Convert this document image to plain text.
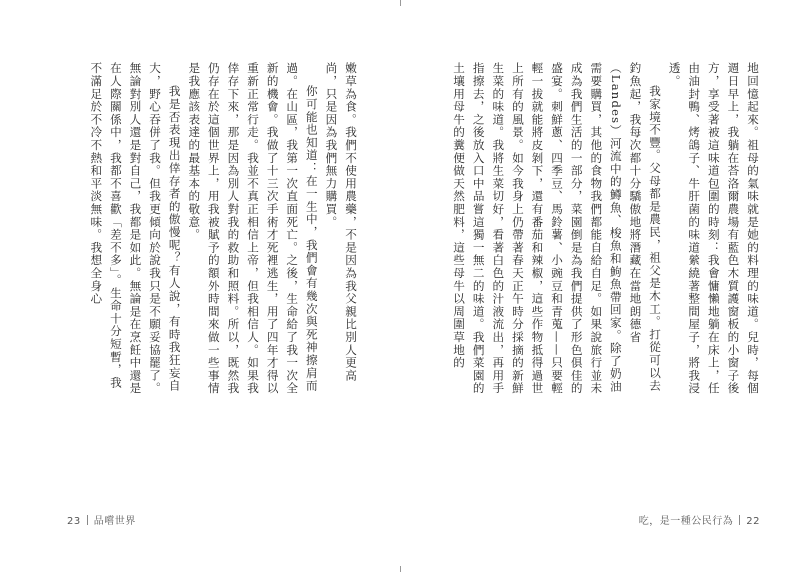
嫩草為食。我們不使用農藥，不是因為我父親比別人更高尚，只是因為我們無力購買。

你可能也知道：在一生中，我們會有幾次與死神擦肩而過。在山區，我第一次直面死亡。之後，生命給了我一次全新的機會。我做了十三次手術才死裡逃生，用了四年才得以重新正常行走。我並不真正相信上帝，但我相信人。如果我倖存下來，那是因為別人對我的救助和照料。所以，既然我仍存在於這個世界上，用我被賦予的額外時間來做一些事情是我應該表達的最基本的敬意。

我是否表現出倖存者的傲慢呢？有人說，有時我狂妄自大，野心吞併了我。但我更傾向於說我只是不願妥協罷了。無論對別人還是對自己，我都是如此。無論是在烹飪中還是在人際關係中，我都不喜歡「差不多」。生命十分短暫，我不滿足於不冷不熱和平淡無味。我想全身心

23 品嚐世界

地回憶起來。祖母的氣味就是她的料理的味道。兒時，每個週日早上，我躺在荅洛爾農場有藍色木質護窗板的小窗子後方，享受著被這味道包圍的時刻：我會慵懶地躺在床上，任由油封鴨、烤鴿子、牛肝菌的味道縈繞著整間屋子，將我浸透。

我家境不豐。父母都是農民，祖父是木工。打從可以去釣魚起，我每次都十分驕傲地將潛藏在當地朗德省（Landes）河流中的鱒魚、梭魚和鮈魚帶回家。除了奶油需要購買，其他的食物我們都能自給自足。如果說旅行並未成為我們生活的一部分，菜園倒是為我們提供了形色俱佳的盛宴。刺鮮蔥、四季豆、馬鈴薯、小豌豆和青蒐——只要輕輕一拔就能將皮剝下，還有番茄和辣椒，這些作物抵得過世上所有的風景。如今我身上仍帶著春天正午時分採摘的新鮮生菜的味道。我將生菜切好，看著白色的汁液流出，再用手指擦去，之後放入口中品嘗這獨一無二的味道。我們菜園的土壤用母牛的糞便做天然肥料，這些母牛以周圍草地的

吃，是一種公民行為 22
